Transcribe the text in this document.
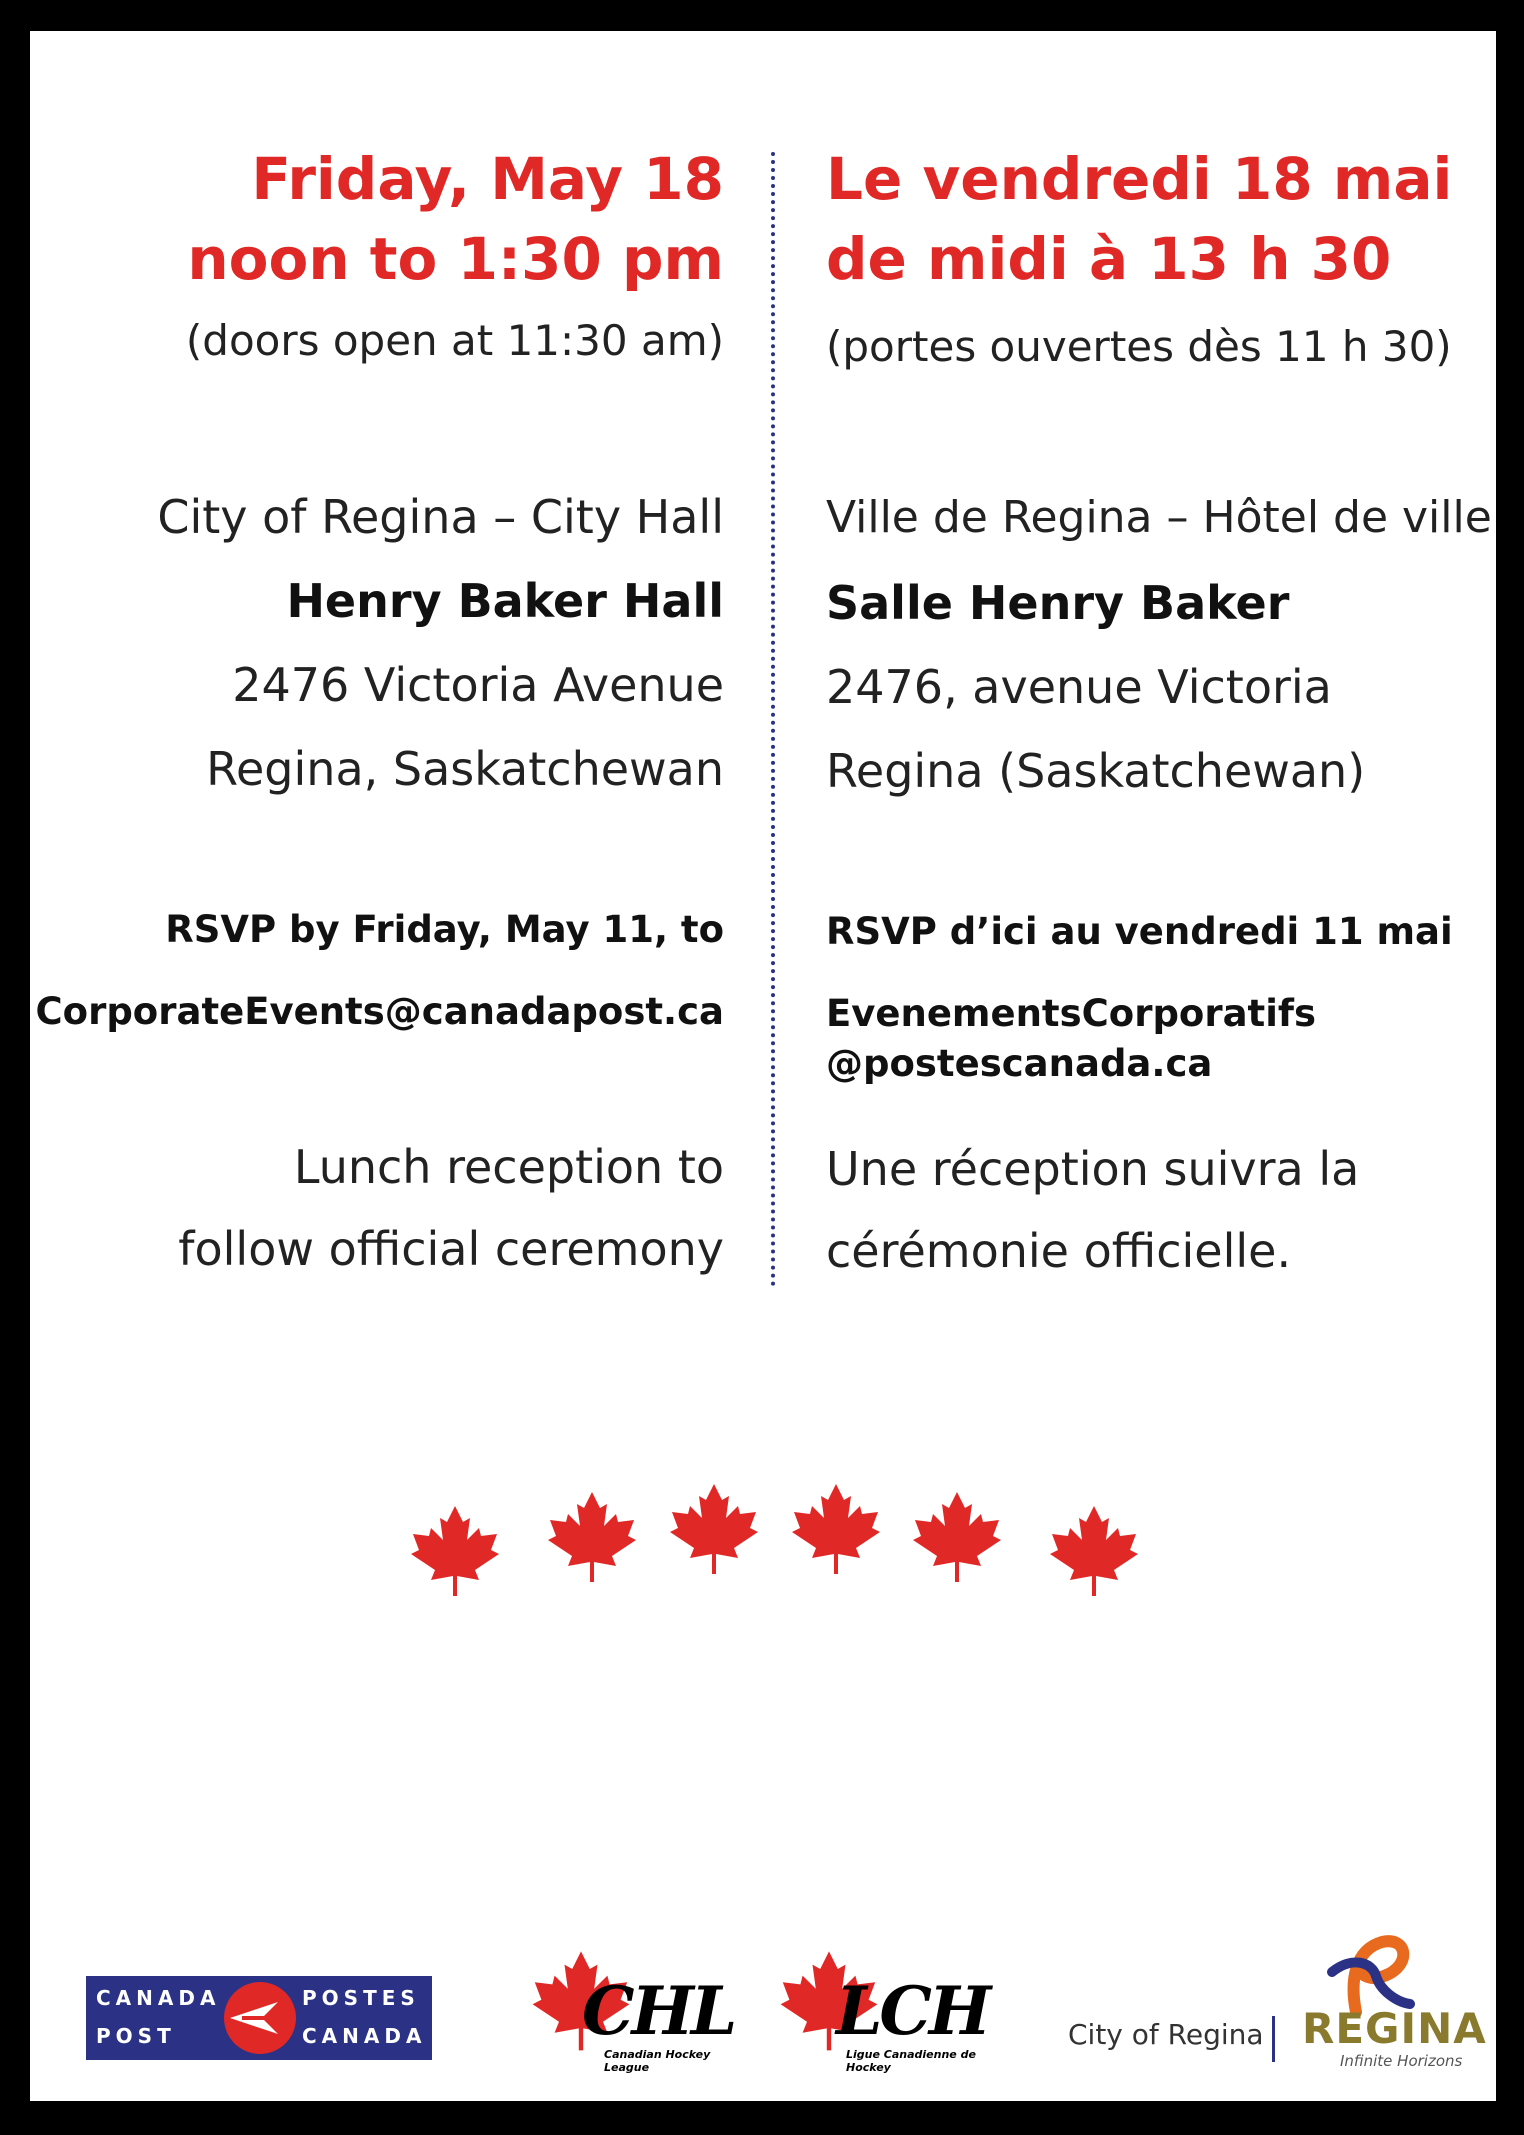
Friday, May 18
noon to 1:30 pm
(doors open at 11:30 am)
City of Regina – City Hall
Henry Baker Hall
2476 Victoria Avenue
Regina, Saskatchewan
RSVP by Friday, May 11, to
CorporateEvents@canadapost.ca
Lunch reception to
follow official ceremony
Le vendredi 18 mai
de midi à 13 h 30
(portes ouvertes dès 11 h 30)
Ville de Regina – Hôtel de ville
Salle Henry Baker
2476, avenue Victoria
Regina (Saskatchewan)
RSVP d’ici au vendredi 11 mai
EvenementsCorporatifs
@postescanada.ca
Une réception suivra la
cérémonie officielle.
CANADA
POST
POSTES
CANADA CHL
Canadian Hockey League
LCH
Ligue Canadienne de Hockey
City of Regina REGINA
Infinite Horizons
